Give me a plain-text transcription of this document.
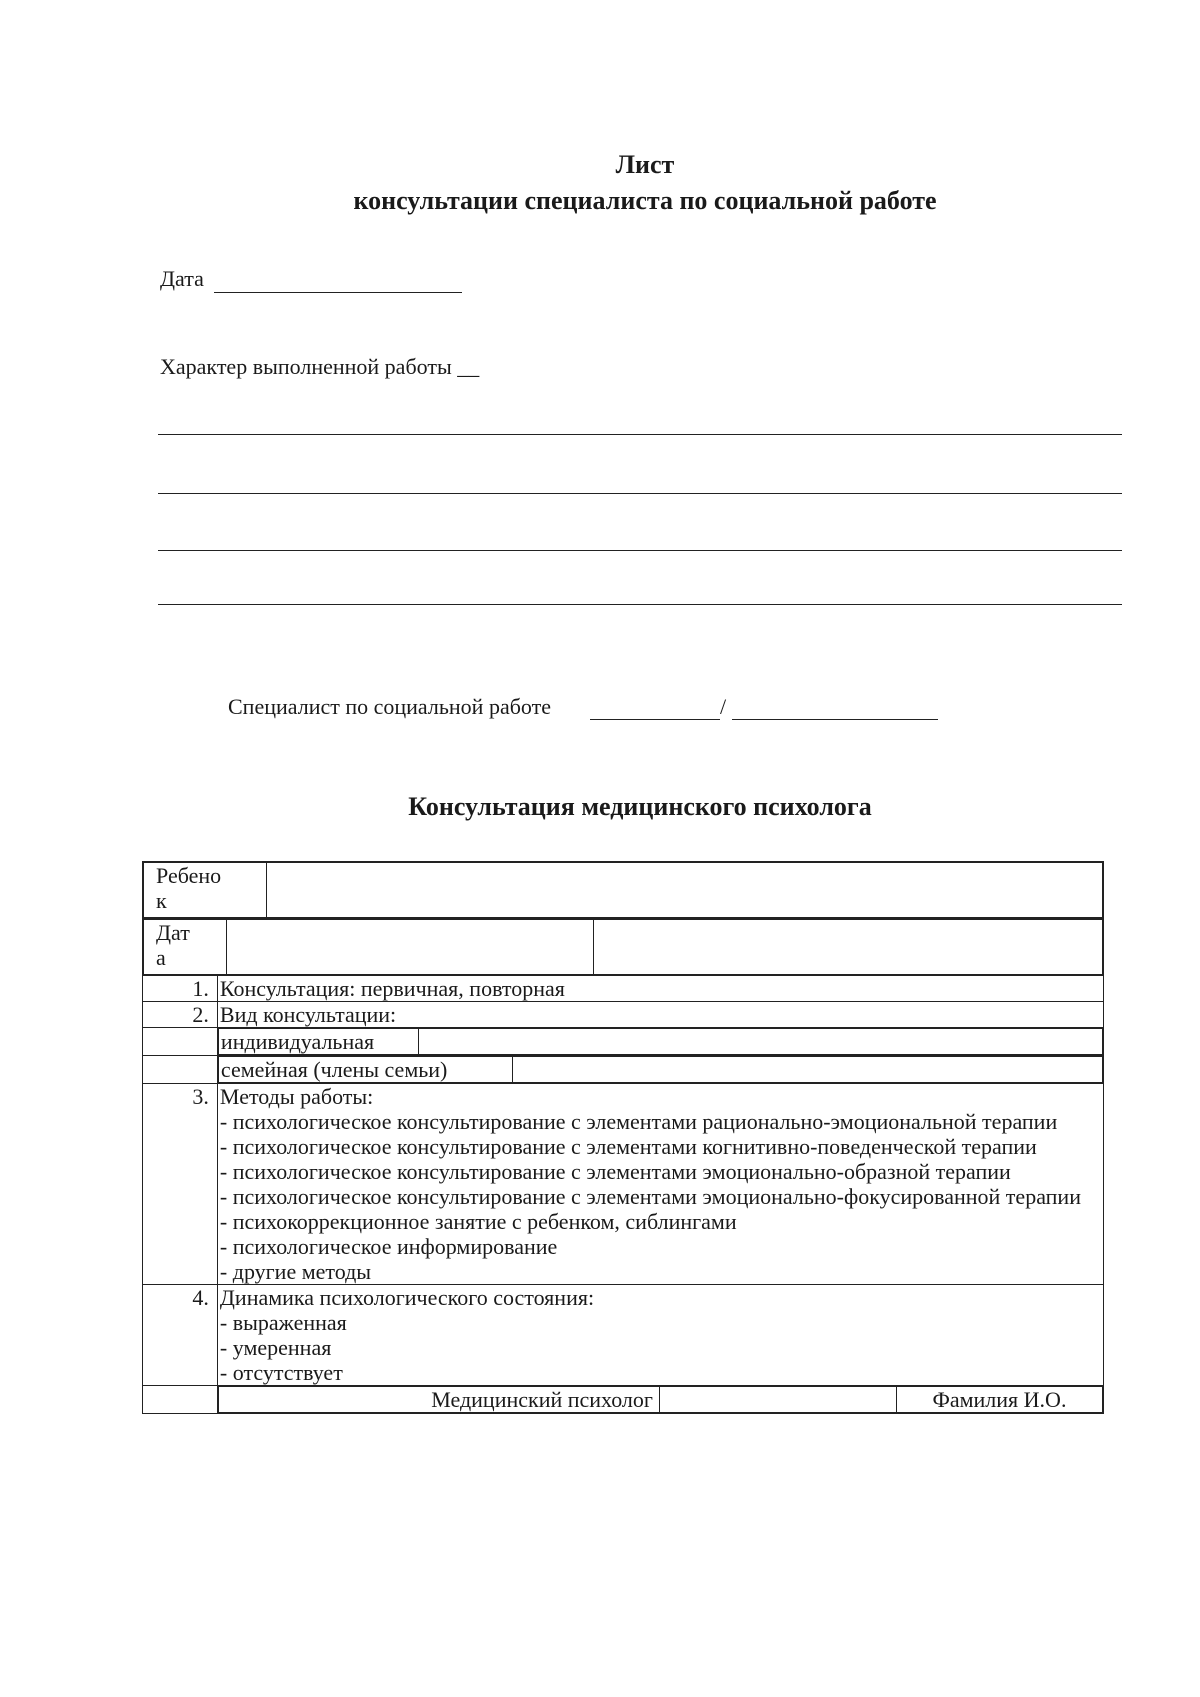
Лист
консультации специалиста по социальной работе
Дата
Характер выполненной работы __
Специалист по социальной работе	/
Консультация медицинского психолога
Ребено
к	

Дат
а		

1.	Консультация: первичная, повторная
2.	Вид консультации:

индивидуальная	

семейная (члены семьи)	

3.	Методы работы:
- психологическое консультирование с элементами рационально-эмоциональной терапии
- психологическое консультирование с элементами когнитивно-поведенческой терапии
- психологическое консультирование с элементами эмоционально-образной терапии
- психологическое консультирование с элементами эмоционально-фокусированной терапии
- психокоррекционное занятие с ребенком, сиблингами
- психологическое информирование
- другие методы

4.	Динамика психологического состояния:
- выраженная
- умеренная
- отсутствует

Медицинский психолог		Фамилия И.О.
